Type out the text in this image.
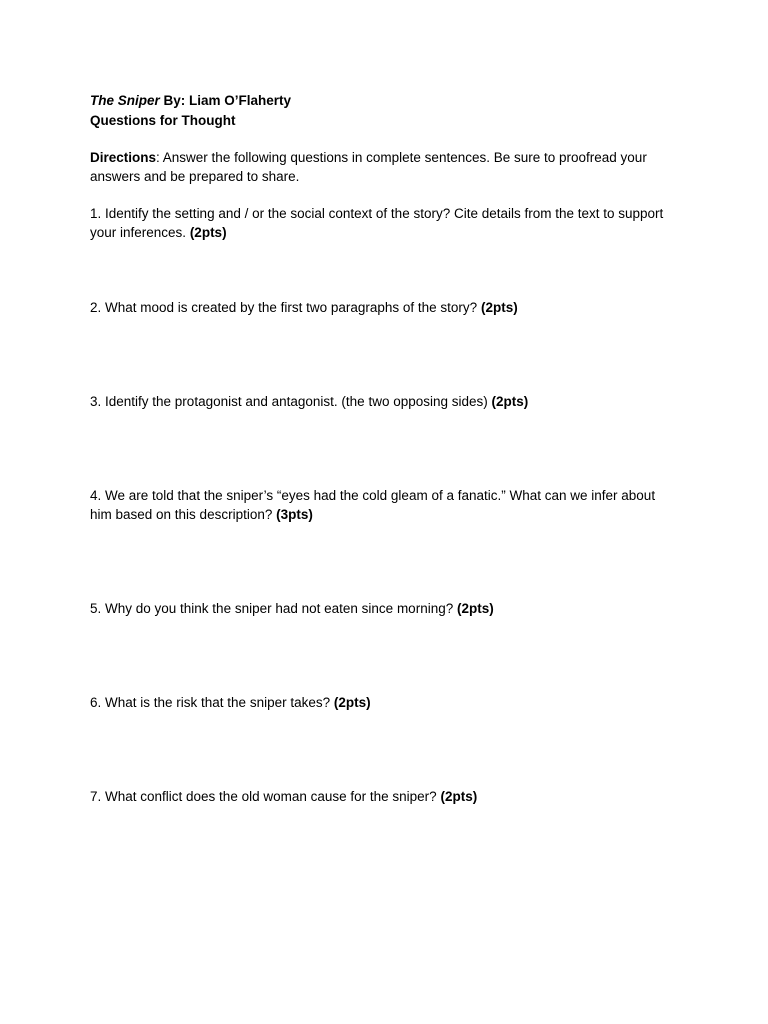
The Sniper By: Liam O’Flaherty
Questions for Thought
Directions: Answer the following questions in complete sentences. Be sure to proofread your answers and be prepared to share.
1. Identify the setting and / or the social context of the story? Cite details from the text to support your inferences. (2pts)
2. What mood is created by the first two paragraphs of the story? (2pts)
3. Identify the protagonist and antagonist. (the two opposing sides) (2pts)
4. We are told that the sniper’s “eyes had the cold gleam of a fanatic.” What can we infer about him based on this description? (3pts)
5. Why do you think the sniper had not eaten since morning? (2pts)
6. What is the risk that the sniper takes? (2pts)
7. What conflict does the old woman cause for the sniper? (2pts)
